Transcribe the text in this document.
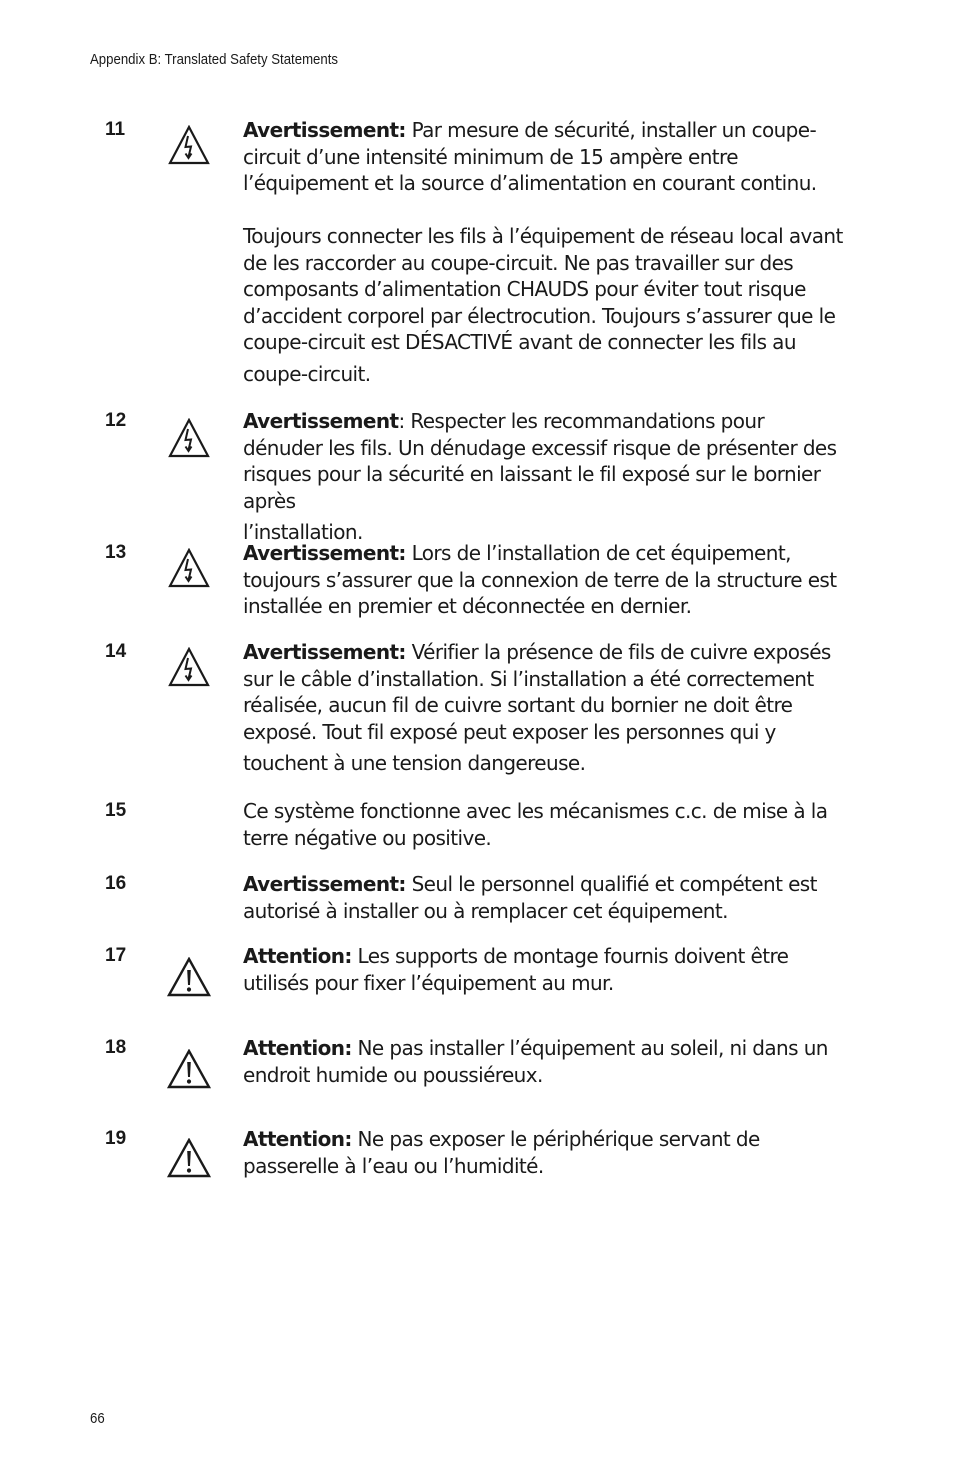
Appendix B: Translated Safety Statements
11	Avertissement: Par mesure de sécurité, installer un coupe-circuit d’une intensité minimum de 15 ampère entre l’équipement et la source d’alimentation en courant continu.

Toujours connecter les fils à l’équipement de réseau local avant de les raccorder au coupe-circuit. Ne pas travailler sur des composants d’alimentation CHAUDS pour éviter tout risque d’accident corporel par électrocution. Toujours s’assurer que le coupe-circuit est DÉSACTIVÉ avant de connecter les fils au
coupe-circuit.

12	Avertissement: Respecter les recommandations pour dénuder les fils. Un dénudage excessif risque de présenter des risques pour la sécurité en laissant le fil exposé sur le bornier après
l’installation.

13	Avertissement: Lors de l’installation de cet équipement, toujours s’assurer que la connexion de terre de la structure est installée en premier et déconnectée en dernier.

14	Avertissement: Vérifier la présence de fils de cuivre exposés sur le câble d’installation. Si l’installation a été correctement réalisée, aucun fil de cuivre sortant du bornier ne doit être exposé. Tout fil exposé peut exposer les personnes qui y
touchent à une tension dangereuse.

15	Ce système fonctionne avec les mécanismes c.c. de mise à la terre négative ou positive.

16	Avertissement: Seul le personnel qualifié et compétent est autorisé à installer ou à remplacer cet équipement.

17	Attention: Les supports de montage fournis doivent être utilisés pour fixer l’équipement au mur.

18	Attention: Ne pas installer l’équipement au soleil, ni dans un endroit humide ou poussiéreux.

19	Attention: Ne pas exposer le périphérique servant de passerelle à l’eau ou l’humidité.

66
